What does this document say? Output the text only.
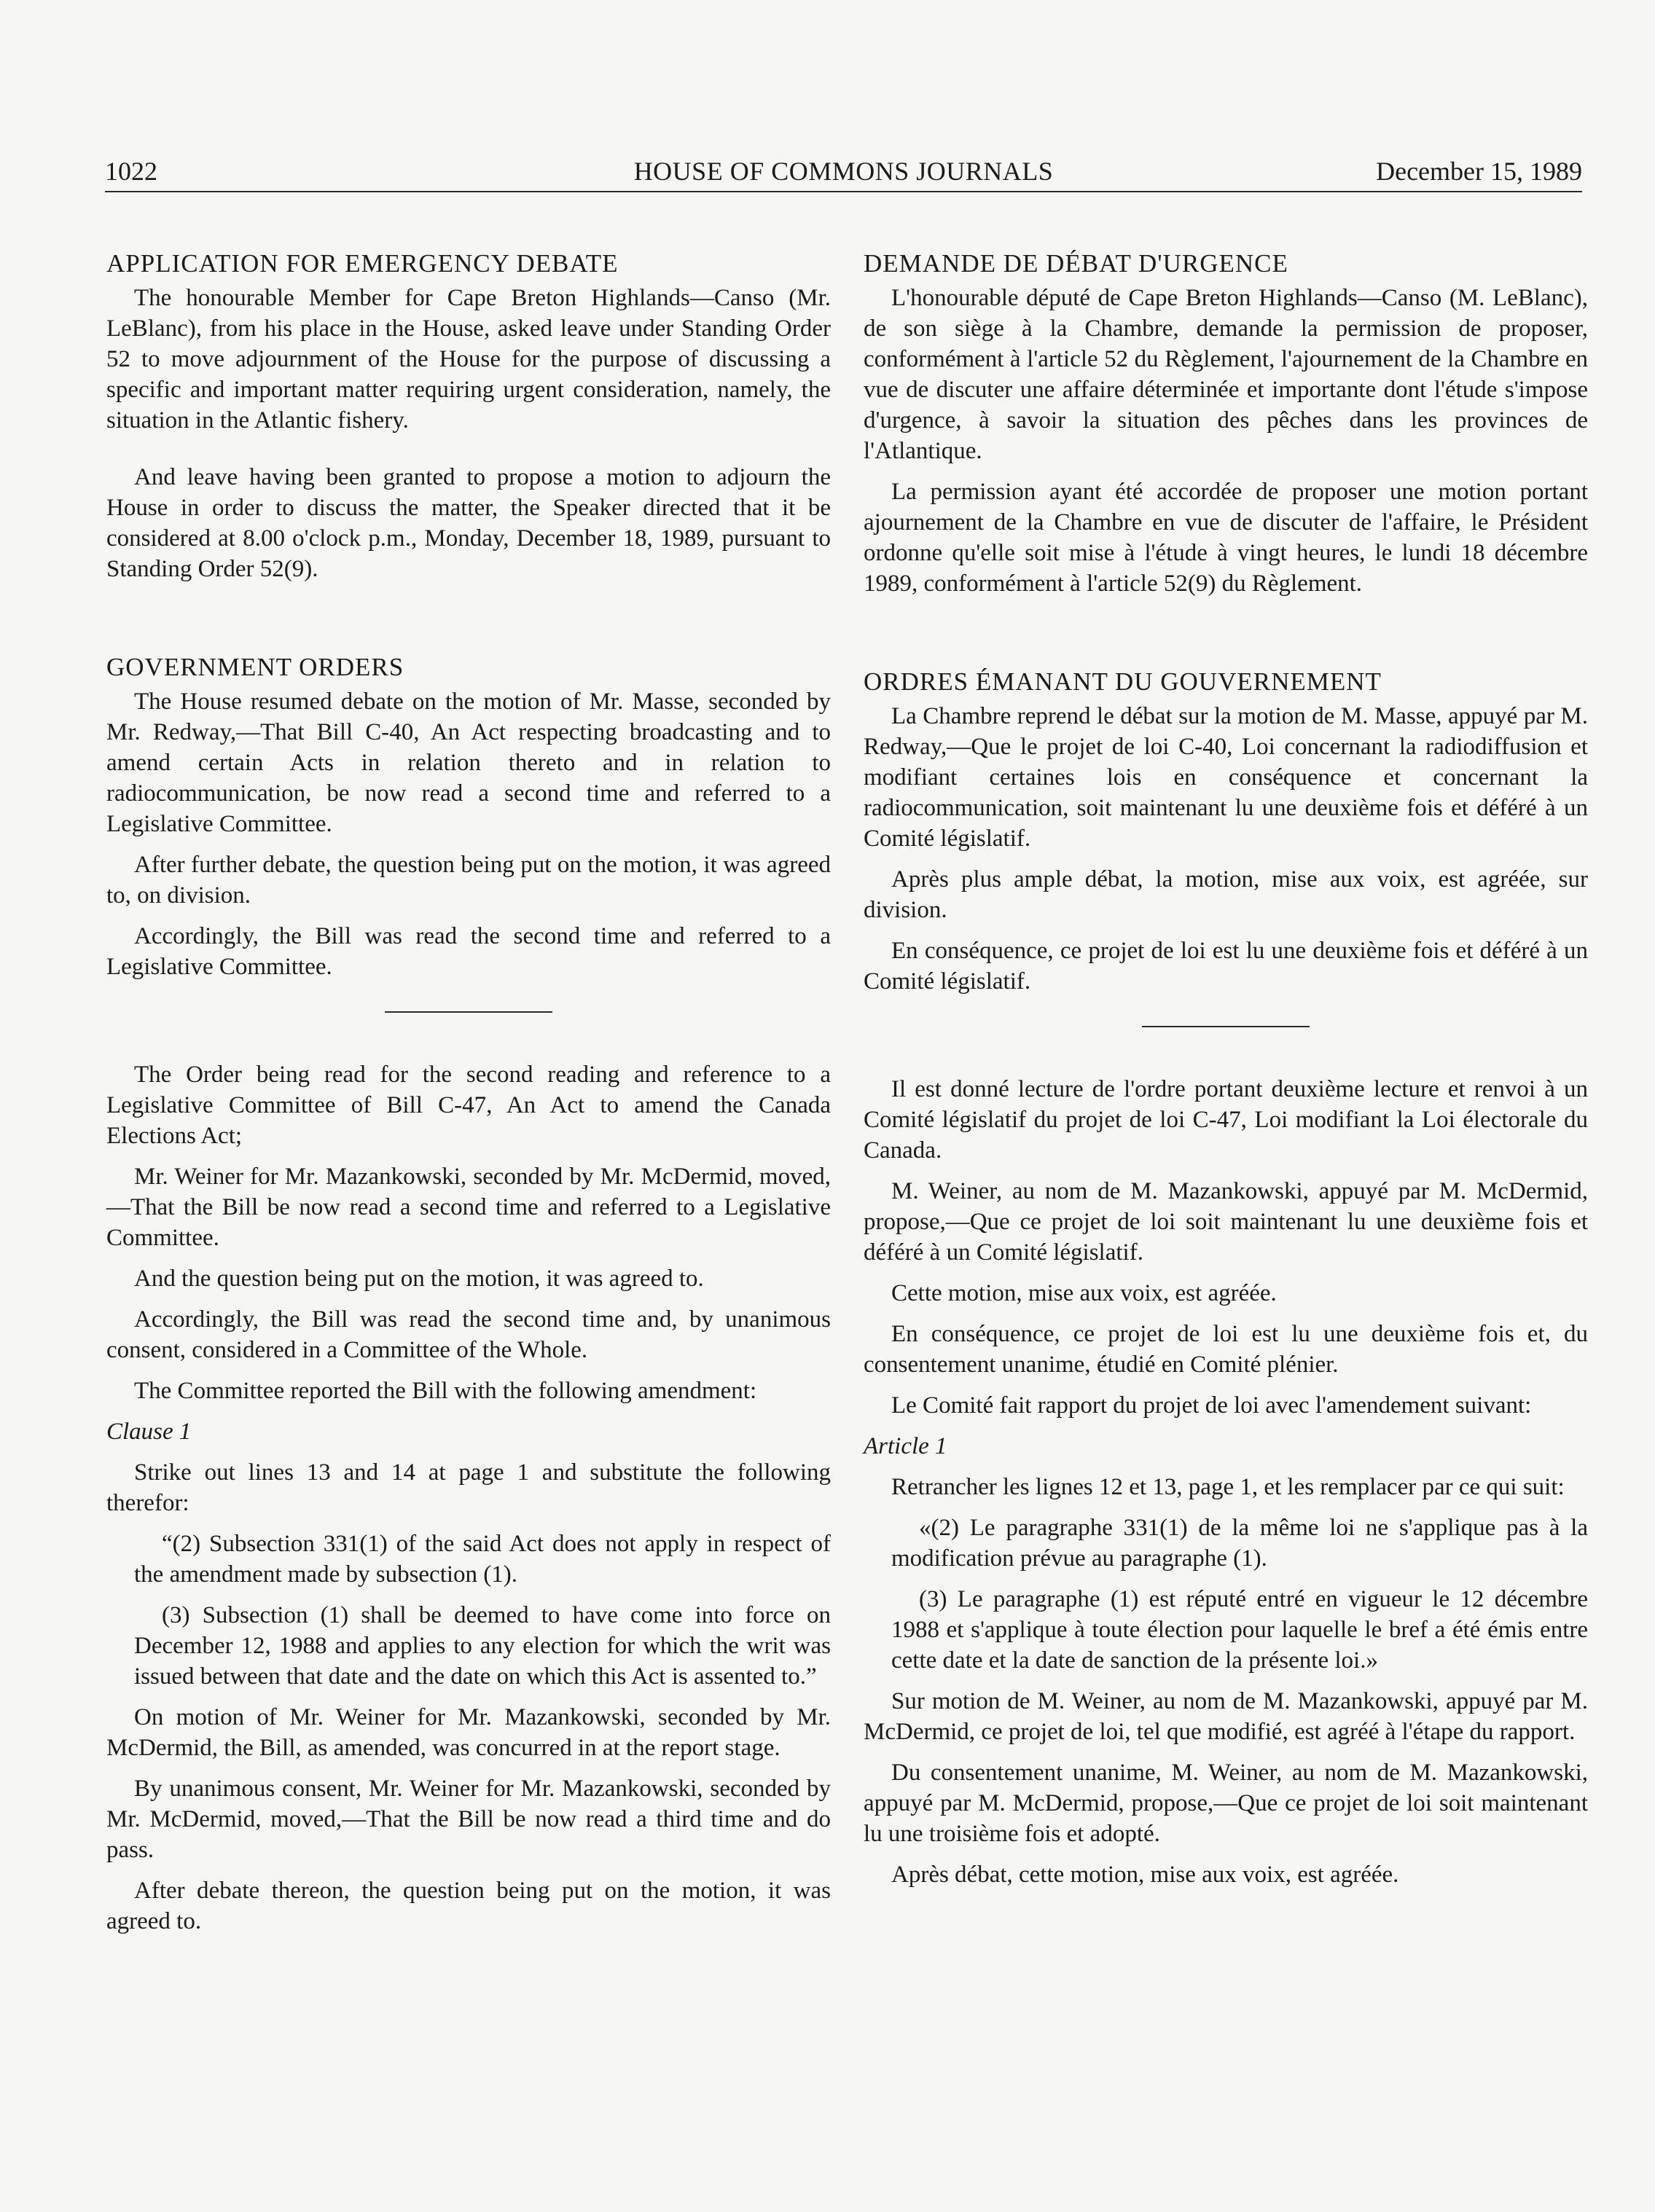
1022	HOUSE OF COMMONS JOURNALS	December 15, 1989
APPLICATION FOR EMERGENCY DEBATE

The honourable Member for Cape Breton Highlands—Canso (Mr. LeBlanc), from his place in the House, asked leave under Standing Order 52 to move adjournment of the House for the purpose of discussing a specific and important matter requiring urgent consideration, namely, the situation in the Atlantic fishery.

And leave having been granted to propose a motion to adjourn the House in order to discuss the matter, the Speaker directed that it be considered at 8.00 o'clock p.m., Monday, December 18, 1989, pursuant to Standing Order 52(9).

GOVERNMENT ORDERS

The House resumed debate on the motion of Mr. Masse, seconded by Mr. Redway,—That Bill C-40, An Act respecting broadcasting and to amend certain Acts in relation thereto and in relation to radiocommunication, be now read a second time and referred to a Legislative Committee.

After further debate, the question being put on the motion, it was agreed to, on division.

Accordingly, the Bill was read the second time and referred to a Legislative Committee.

The Order being read for the second reading and reference to a Legislative Committee of Bill C-47, An Act to amend the Canada Elections Act;

Mr. Weiner for Mr. Mazankowski, seconded by Mr. McDermid, moved,—That the Bill be now read a second time and referred to a Legislative Committee.

And the question being put on the motion, it was agreed to.

Accordingly, the Bill was read the second time and, by unanimous consent, considered in a Committee of the Whole.

The Committee reported the Bill with the following amendment:

Clause 1

Strike out lines 13 and 14 at page 1 and substitute the following therefor:

“(2) Subsection 331(1) of the said Act does not apply in respect of the amendment made by subsection (1).

(3) Subsection (1) shall be deemed to have come into force on December 12, 1988 and applies to any election for which the writ was issued between that date and the date on which this Act is assented to.”

On motion of Mr. Weiner for Mr. Mazankowski, seconded by Mr. McDermid, the Bill, as amended, was concurred in at the report stage.

By unanimous consent, Mr. Weiner for Mr. Mazankowski, seconded by Mr. McDermid, moved,—That the Bill be now read a third time and do pass.

After debate thereon, the question being put on the motion, it was agreed to.

DEMANDE DE DÉBAT D'URGENCE

L'honourable député de Cape Breton Highlands—Canso (M. LeBlanc), de son siège à la Chambre, demande la permission de proposer, conformément à l'article 52 du Règlement, l'ajournement de la Chambre en vue de discuter une affaire déterminée et importante dont l'étude s'impose d'urgence, à savoir la situation des pêches dans les provinces de l'Atlantique.

La permission ayant été accordée de proposer une motion portant ajournement de la Chambre en vue de discuter de l'affaire, le Président ordonne qu'elle soit mise à l'étude à vingt heures, le lundi 18 décembre 1989, conformément à l'article 52(9) du Règlement.

ORDRES ÉMANANT DU GOUVERNEMENT

La Chambre reprend le débat sur la motion de M. Masse, appuyé par M. Redway,—Que le projet de loi C-40, Loi concernant la radiodiffusion et modifiant certaines lois en conséquence et concernant la radiocommunication, soit maintenant lu une deuxième fois et déféré à un Comité législatif.

Après plus ample débat, la motion, mise aux voix, est agréée, sur division.

En conséquence, ce projet de loi est lu une deuxième fois et déféré à un Comité législatif.

Il est donné lecture de l'ordre portant deuxième lecture et renvoi à un Comité législatif du projet de loi C-47, Loi modifiant la Loi électorale du Canada.

M. Weiner, au nom de M. Mazankowski, appuyé par M. McDermid, propose,—Que ce projet de loi soit maintenant lu une deuxième fois et déféré à un Comité législatif.

Cette motion, mise aux voix, est agréée.

En conséquence, ce projet de loi est lu une deuxième fois et, du consentement unanime, étudié en Comité plénier.

Le Comité fait rapport du projet de loi avec l'amendement suivant:

Article 1

Retrancher les lignes 12 et 13, page 1, et les remplacer par ce qui suit:

«(2) Le paragraphe 331(1) de la même loi ne s'applique pas à la modification prévue au paragraphe (1).

(3) Le paragraphe (1) est réputé entré en vigueur le 12 décembre 1988 et s'applique à toute élection pour laquelle le bref a été émis entre cette date et la date de sanction de la présente loi.»

Sur motion de M. Weiner, au nom de M. Mazankowski, appuyé par M. McDermid, ce projet de loi, tel que modifié, est agréé à l'étape du rapport.

Du consentement unanime, M. Weiner, au nom de M. Mazankowski, appuyé par M. McDermid, propose,—Que ce projet de loi soit maintenant lu une troisième fois et adopté.

Après débat, cette motion, mise aux voix, est agréée.
